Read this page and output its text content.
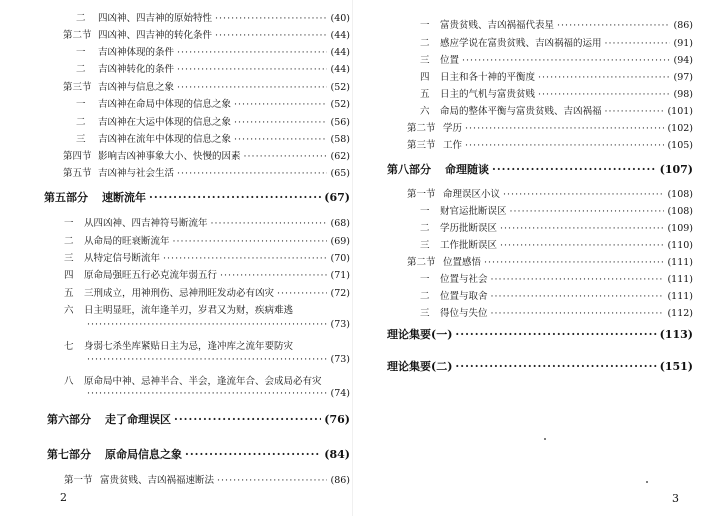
二 四凶神、四吉神的原始特性 ·····	(40)
第二节 四凶神、四吉神的转化条件 ·····	(44)
一 吉凶神体现的条件 ·····	(44)
二 吉凶神转化的条件 ·····	(44)
第三节 吉凶神与信息之象 ·····	(52)
一 吉凶神在命局中体现的信息之象 ·····	(52)
二 吉凶神在大运中体现的信息之象 ·····	(56)
三 吉凶神在流年中体现的信息之象 ·····	(58)
第四节 影响吉凶神事象大小、快慢的因素 ·····	(62)
第五节 吉凶神与社会生活 ·····	(65)
第五部分 速断流年 ·····	(67)
一 从四凶神、四吉神符号断流年 ·····	(68)
二 从命局的旺衰断流年 ·····	(69)
三 从特定信号断流年 ·····	(70)
四 原命局强旺五行必克流年弱五行 ·····	(71)
五 三刑成立，用神刑伤、忌神刑旺发动必有凶灾 ·····	(72)
六 日主明显旺，流年逢羊刃，岁君又为财，疾病难逃
·····
(73)
七 身弱七杀坐库紧贴日主为忌，逢冲库之流年要防灾
·····
(73)
八 原命局中神、忌神半合、半会，逢流年合、会成局必有灾
·····
(74)
第六部分 走了命理误区 ·····	(76)
第七部分 原命局信息之象 ·····	(84)
第一节 富贵贫贱、吉凶祸福速断法 ·····	(86)
2
一 富贵贫贱、吉凶祸福代表星 ·····	(86)
二 感应学说在富贵贫贱、吉凶祸福的运用 ·····	(91)
三 位置 ·····	(94)
四 日主和各十神的平衡度 ·····	(97)
五 日主的气机与富贵贫贱 ·····	(98)
六 命局的整体平衡与富贵贫贱、吉凶祸福 ·····	(101)
第二节 学历 ·····	(102)
第三节 工作 ·····	(105)
第八部分 命理随谈 ·····	(107)
第一节 命理误区小议 ·····	(108)
一 财官运批断误区 ·····	(108)
二 学历批断误区 ·····	(109)
三 工作批断误区 ·····	(110)
第二节 位置感悟 ·····	(111)
一 位置与社会 ·····	(111)
二 位置与取舍 ·····	(111)
三 得位与失位 ·····	(112)
理论集要(一) ·····	(113)
理论集要(二) ·····	(151)
3
